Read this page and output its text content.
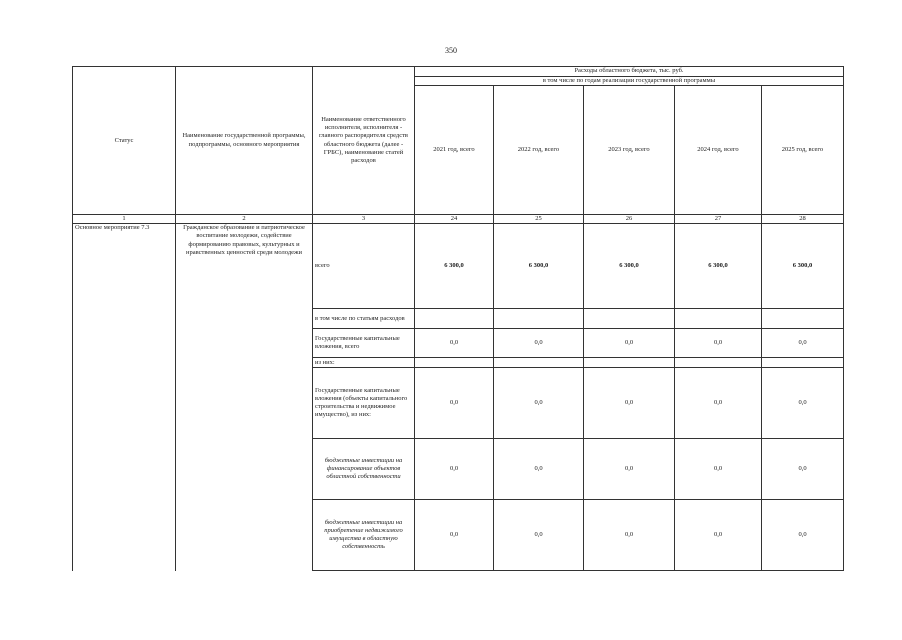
350
Статус	Наименование государственной программы, подпрограммы, основного мероприятия	Наименование ответственного исполнителя, исполнителя - главного распорядителя средств областного бюджета (далее - ГРБС), наименование статей расходов	Расходы областного бюджета, тыс. руб.				
			в том числе по годам реализации государственной программы				
			2021 год, всего	2022 год, всего	2023 год, всего	2024 год, всего	2025 год, всего
1	2	3	24	25	26	27	28
Основное мероприятие 7.3	Гражданское образование и патриотическое воспитание молодежи, содействие формированию правовых, культурных и нравственных ценностей среди молодежи	всего	6 300,0	6 300,0	6 300,0	6 300,0	6 300,0
		в том числе по статьям расходов					
		Государственные капитальные вложения, всего	0,0	0,0	0,0	0,0	0,0
		из них:					
		Государственные капитальные вложения (объекты капитального строительства и недвижимое имущество), из них:	0,0	0,0	0,0	0,0	0,0
		бюджетные инвестиции на финансирование объектов областной собственности	0,0	0,0	0,0	0,0	0,0
		бюджетные инвестиции на приобретение недвижимого имущества в областную собственность	0,0	0,0	0,0	0,0	0,0
